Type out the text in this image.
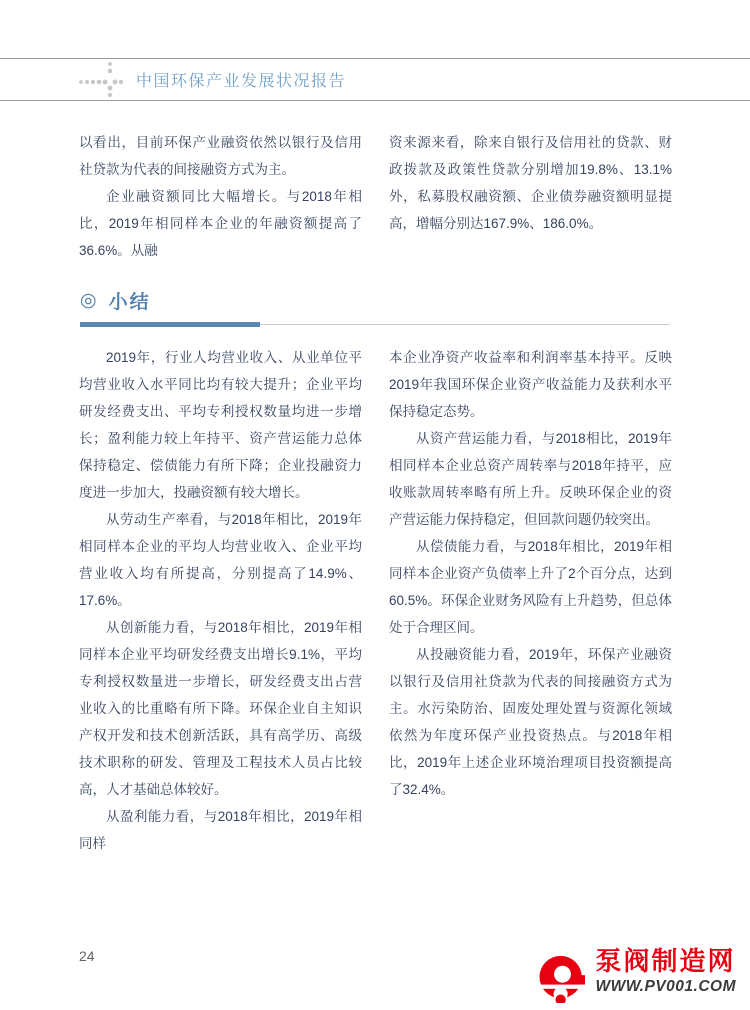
中国环保产业发展状况报告

以看出，目前环保产业融资依然以银行及信用社贷款为代表的间接融资方式为主。

企业融资额同比大幅增长。与2018年相比，2019年相同样本企业的年融资额提高了36.6%。从融

资来源来看，除来自银行及信用社的贷款、财政拨款及政策性贷款分别增加19.8%、13.1%外，私募股权融资额、企业债券融资额明显提高，增幅分别达167.9%、186.0%。

◎ 小结

2019年，行业人均营业收入、从业单位平均营业收入水平同比均有较大提升；企业平均研发经费支出、平均专利授权数量均进一步增长；盈利能力较上年持平、资产营运能力总体保持稳定、偿债能力有所下降；企业投融资力度进一步加大，投融资额有较大增长。

从劳动生产率看，与2018年相比，2019年相同样本企业的平均人均营业收入、企业平均营业收入均有所提高，分别提高了14.9%、17.6%。

从创新能力看，与2018年相比，2019年相同样本企业平均研发经费支出增长9.1%，平均专利授权数量进一步增长，研发经费支出占营业收入的比重略有所下降。环保企业自主知识产权开发和技术创新活跃，具有高学历、高级技术职称的研发、管理及工程技术人员占比较高，人才基础总体较好。

从盈利能力看，与2018年相比，2019年相同样

本企业净资产收益率和利润率基本持平。反映2019年我国环保企业资产收益能力及获利水平保持稳定态势。

从资产营运能力看，与2018相比，2019年相同样本企业总资产周转率与2018年持平，应收账款周转率略有所上升。反映环保企业的资产营运能力保持稳定，但回款问题仍较突出。

从偿债能力看，与2018年相比，2019年相同样本企业资产负债率上升了2个百分点，达到60.5%。环保企业财务风险有上升趋势，但总体处于合理区间。

从投融资能力看，2019年，环保产业融资以银行及信用社贷款为代表的间接融资方式为主。水污染防治、固废处理处置与资源化领域依然为年度环保产业投资热点。与2018年相比，2019年上述企业环境治理项目投资额提高了32.4%。

24	泵阀制造网
WWW.PV001.COM
